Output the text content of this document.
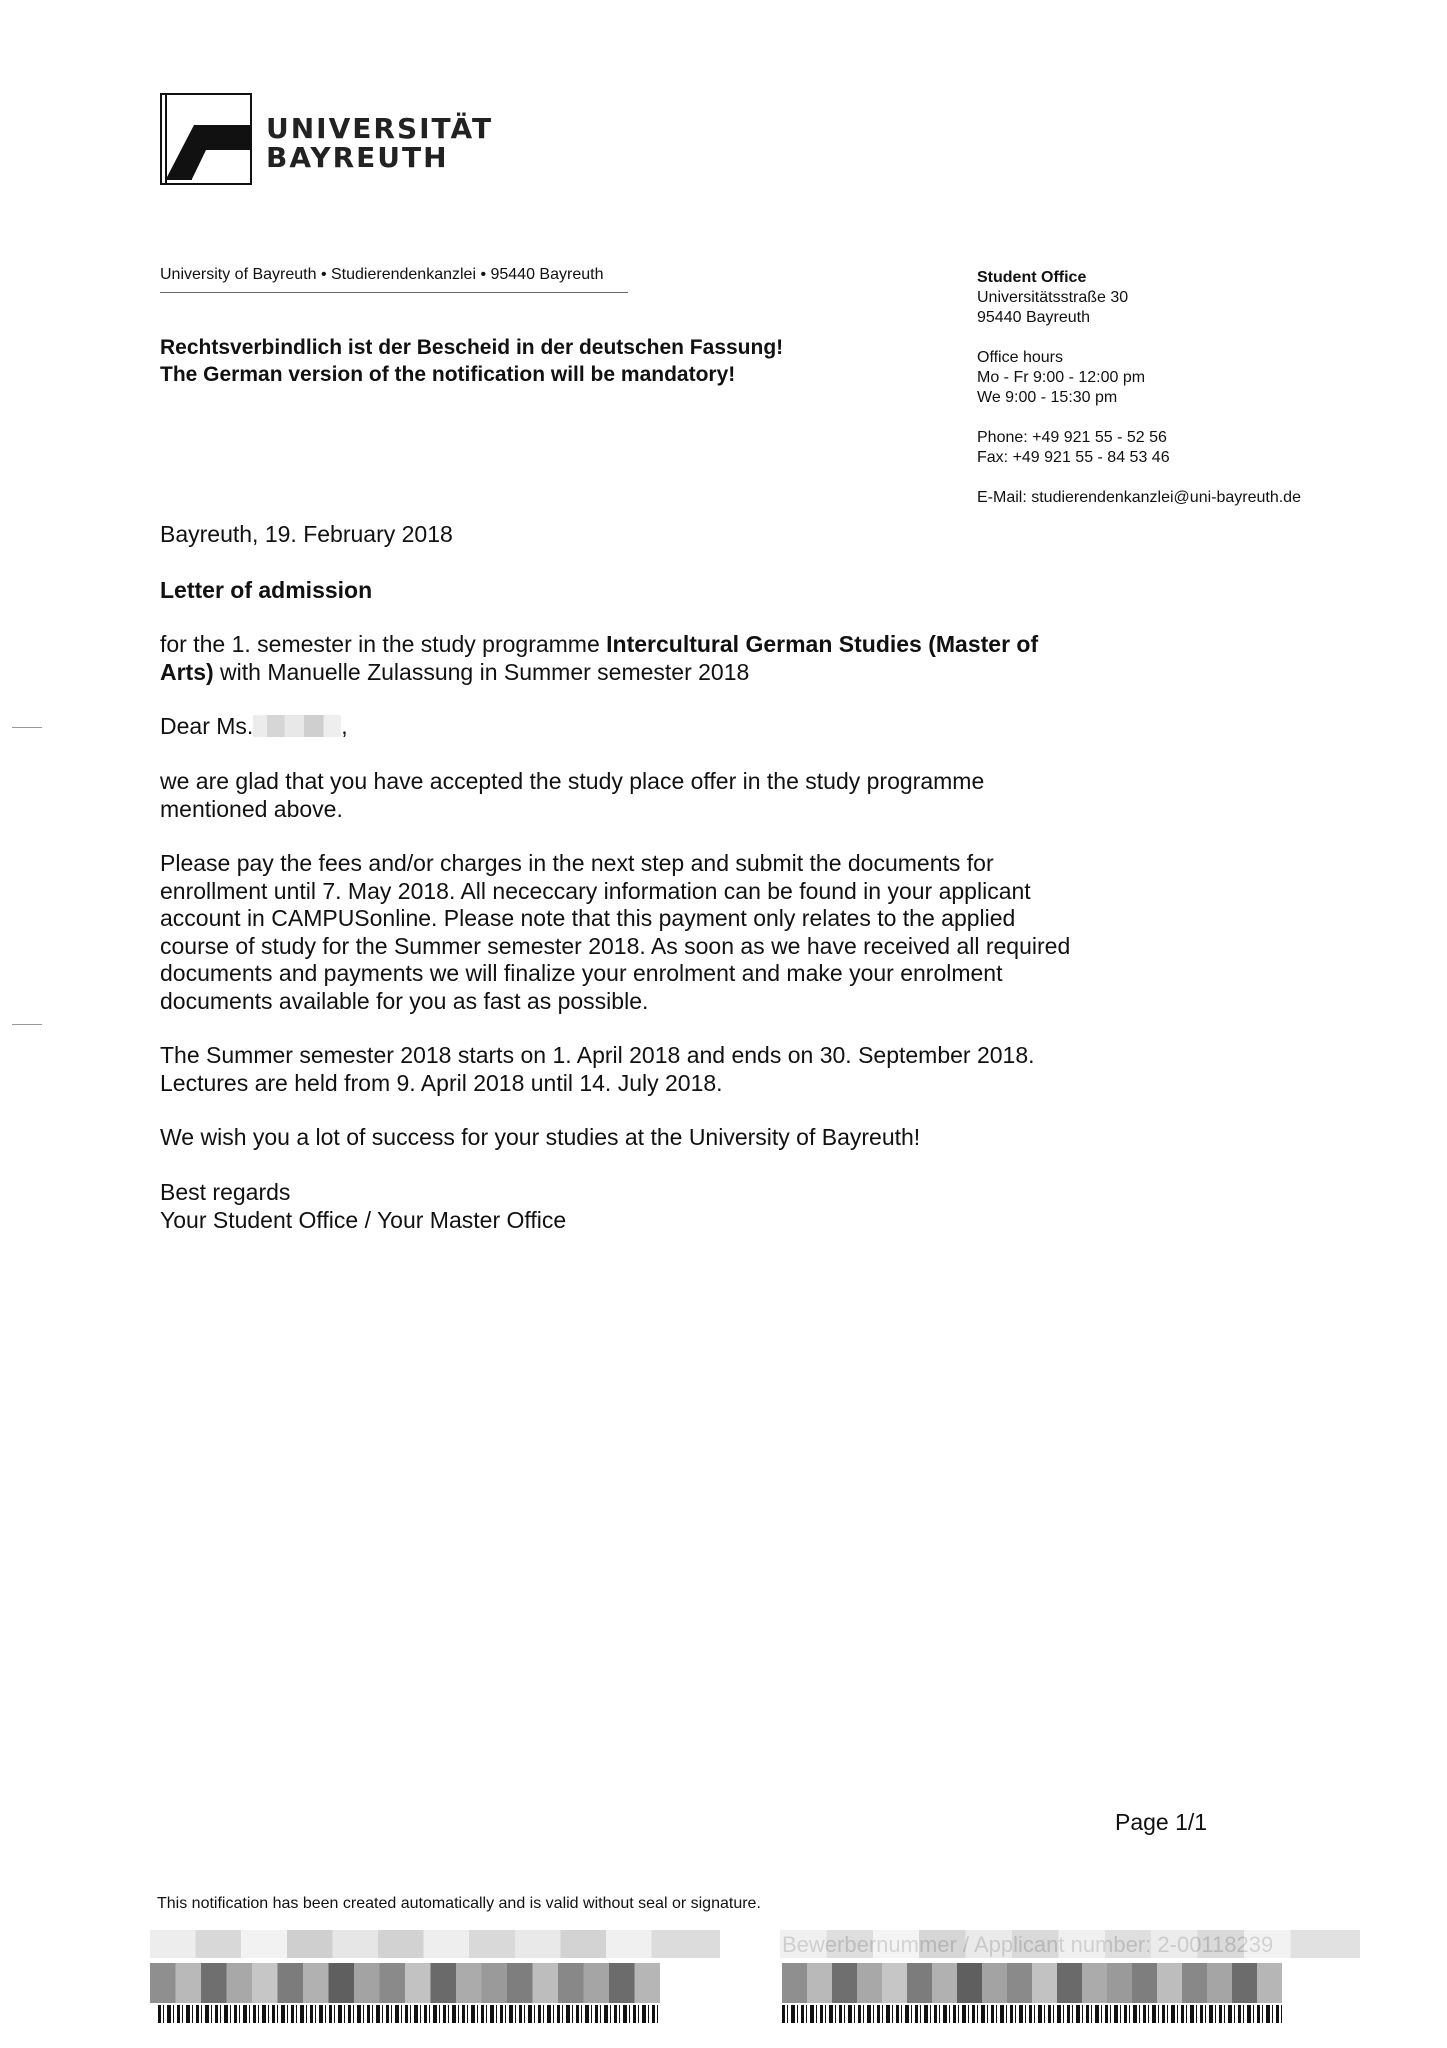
UNIVERSITÄT
BAYREUTH
University of Bayreuth • Studierendenkanzlei • 95440 Bayreuth
Rechtsverbindlich ist der Bescheid in der deutschen Fassung!
The German version of the notification will be mandatory!
Student Office
Universitätsstraße 30
95440 Bayreuth
Office hours
Mo - Fr 9:00 - 12:00 pm
We 9:00 - 15:30 pm
Phone: +49 921 55 - 52 56
Fax: +49 921 55 - 84 53 46
E-Mail: studierendenkanzlei@uni-bayreuth.de
Bayreuth, 19. February 2018
Letter of admission
for the 1. semester in the study programme Intercultural German Studies (Master of
Arts) with Manuelle Zulassung in Summer semester 2018
Dear Ms.	,
we are glad that you have accepted the study place offer in the study programme
mentioned above.
Please pay the fees and/or charges in the next step and submit the documents for
enrollment until 7. May 2018. All nececcary information can be found in your applicant
account in CAMPUSonline. Please note that this payment only relates to the applied
course of study for the Summer semester 2018. As soon as we have received all required
documents and payments we will finalize your enrolment and make your enrolment
documents available for you as fast as possible.
The Summer semester 2018 starts on 1. April 2018 and ends on 30. September 2018.
Lectures are held from 9. April 2018 until 14. July 2018.
We wish you a lot of success for your studies at the University of Bayreuth!
Best regards
Your Student Office / Your Master Office
Page 1/1
This notification has been created automatically and is valid without seal or signature.
